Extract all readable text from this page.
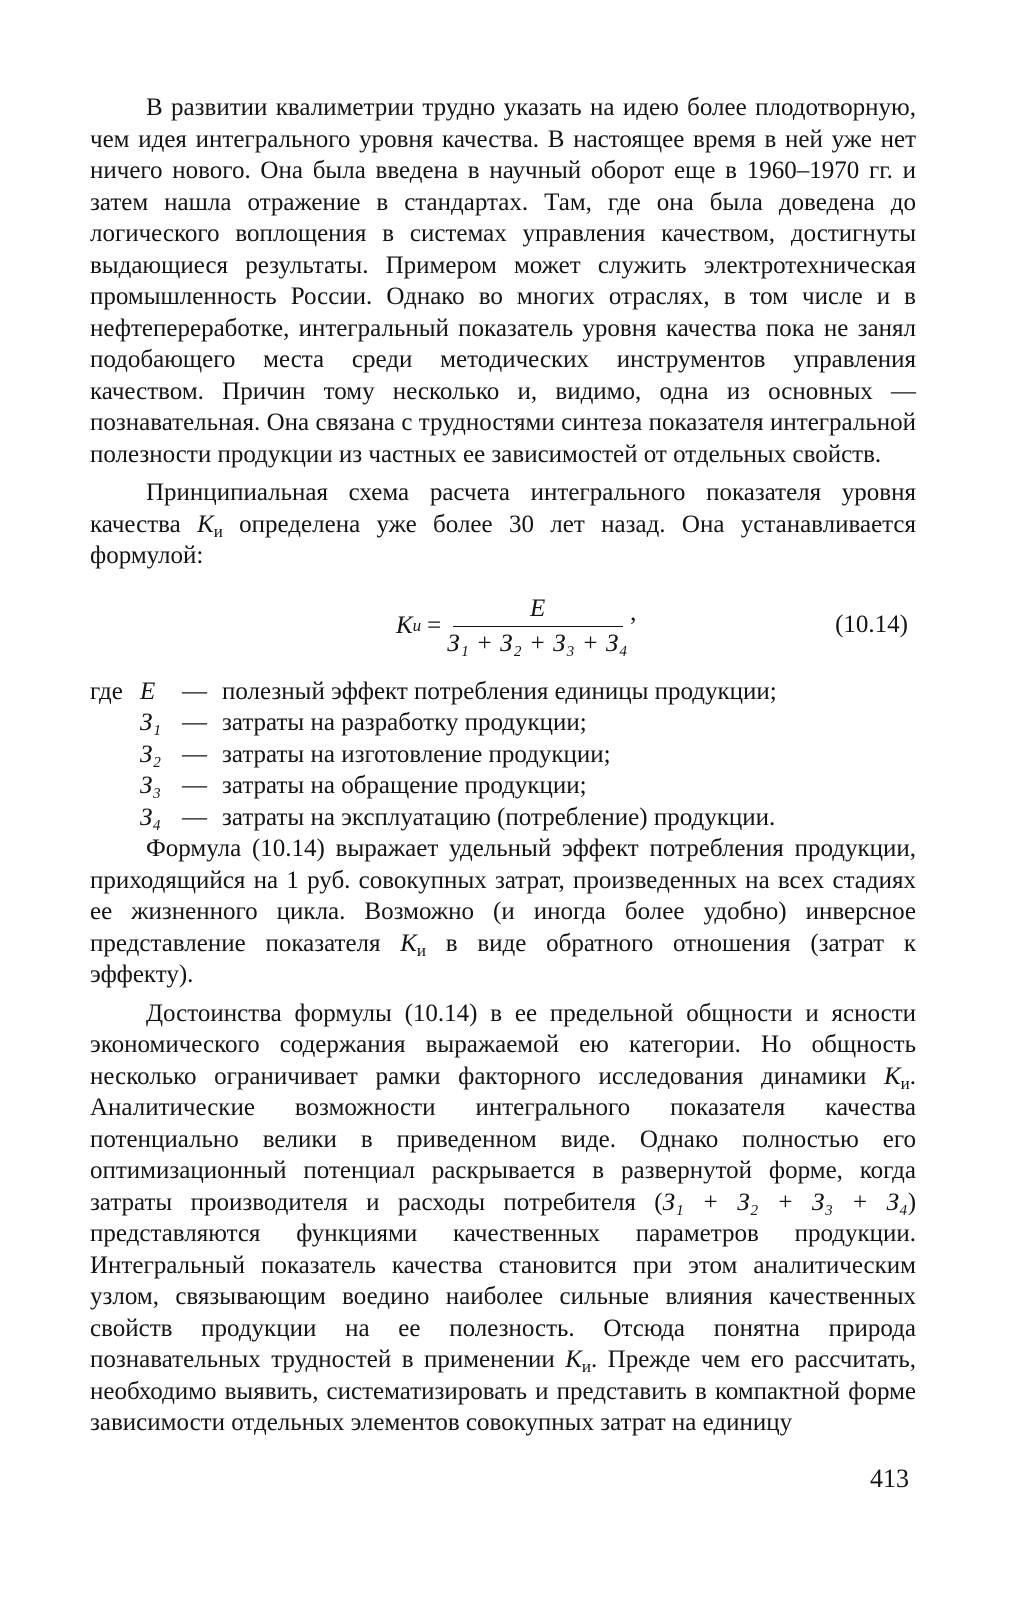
В развитии квалиметрии трудно указать на идею более плодотворную, чем идея интегрального уровня качества. В настоящее время в ней уже нет ничего нового. Она была введена в научный оборот еще в 1960–1970 гг. и затем нашла отражение в стандартах. Там, где она была доведена до логического воплощения в системах управления качеством, достигнуты выдающиеся результаты. Примером может служить электротехническая промышленность России. Однако во многих отраслях, в том числе и в нефтепереработке, интегральный показатель уровня качества пока не занял подобающего места среди методических инструментов управления качеством. Причин тому несколько и, видимо, одна из основных — познавательная. Она связана с трудностями синтеза показателя интегральной полезности продукции из частных ее зависимостей от отдельных свойств.

Принципиальная схема расчета интегрального показателя уровня качества $К_и$ определена уже более 30 лет назад. Она устанавливается формулой:

К $и = \frac{E}{\text{З₁ + З₂ + З₃ + З₄}}$ ,	(10.14)
где E	— полезный эффект потребления единицы продукции;
З₁ — затраты на разработку продукции;
З₂ — затраты на изготовление продукции;
З₃ — затраты на обращение продукции;
З₄ — затраты на эксплуатацию (потребление) продукции.

Формула (10.14) выражает удельный эффект потребления продукции, приходящийся на 1 руб. совокупных затрат, произведенных на всех стадиях ее жизненного цикла. Возможно (и иногда более удобно) инверсное представление показателя $К_и$ в виде обратного отношения (затрат к эффекту).

Достоинства формулы (10.14) в ее предельной общности и ясности экономического содержания выражаемой ею категории. Но общность несколько ограничивает рамки факторного исследования динамики $К_и$. Аналитические возможности интегрального показателя качества потенциально велики в приведенном виде. Однако полностью его оптимизационный потенциал раскрывается в развернутой форме, когда затраты производителя и расходы потребителя (З₁ + З₂ + З₃ + З₄) представляются функциями качественных параметров продукции. Интегральный показатель качества становится при этом аналитическим узлом, связывающим воедино наиболее сильные влияния качественных свойств продукции на ее полезность. Отсюда понятна природа познавательных трудностей в применении $К_и$. Прежде чем его рассчитать, необходимо выявить, систематизировать и представить в компактной форме зависимости отдельных элементов совокупных затрат на единицу

413
